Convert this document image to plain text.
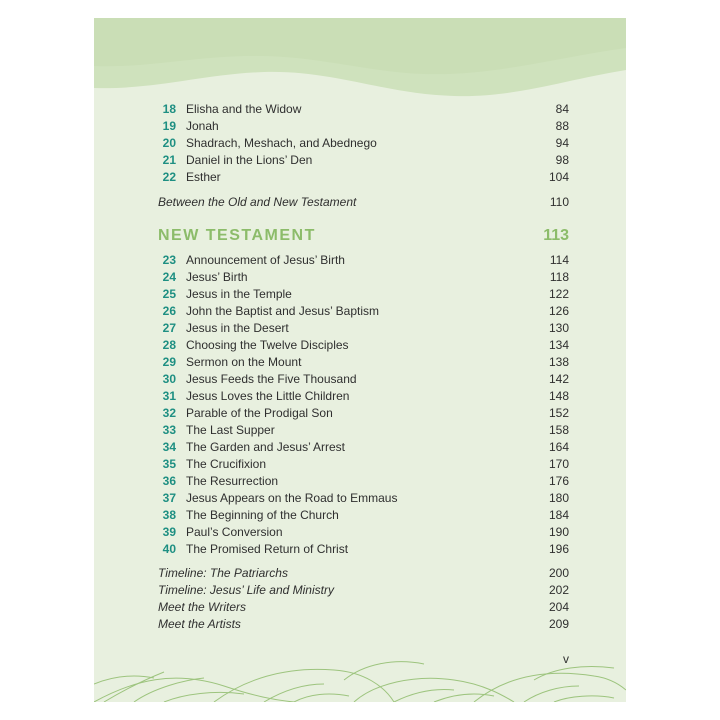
18 Elisha and the Widow	84
19 Jonah	88
20 Shadrach, Meshach, and Abednego	94
21 Daniel in the Lions’ Den	98
22 Esther	104
Between the Old and New Testament	110
NEW TESTAMENT	113
23 Announcement of Jesus’ Birth	114
24 Jesus’ Birth	118
25 Jesus in the Temple	122
26 John the Baptist and Jesus’ Baptism	126
27 Jesus in the Desert	130
28 Choosing the Twelve Disciples	134
29 Sermon on the Mount	138
30 Jesus Feeds the Five Thousand	142
31 Jesus Loves the Little Children	148
32 Parable of the Prodigal Son	152
33 The Last Supper	158
34 The Garden and Jesus’ Arrest	164
35 The Crucifixion	170
36 The Resurrection	176
37 Jesus Appears on the Road to Emmaus	180
38 The Beginning of the Church	184
39 Paul’s Conversion	190
40 The Promised Return of Christ	196
Timeline: The Patriarchs	200
Timeline: Jesus’ Life and Ministry	202
Meet the Writers	204
Meet the Artists	209
v
